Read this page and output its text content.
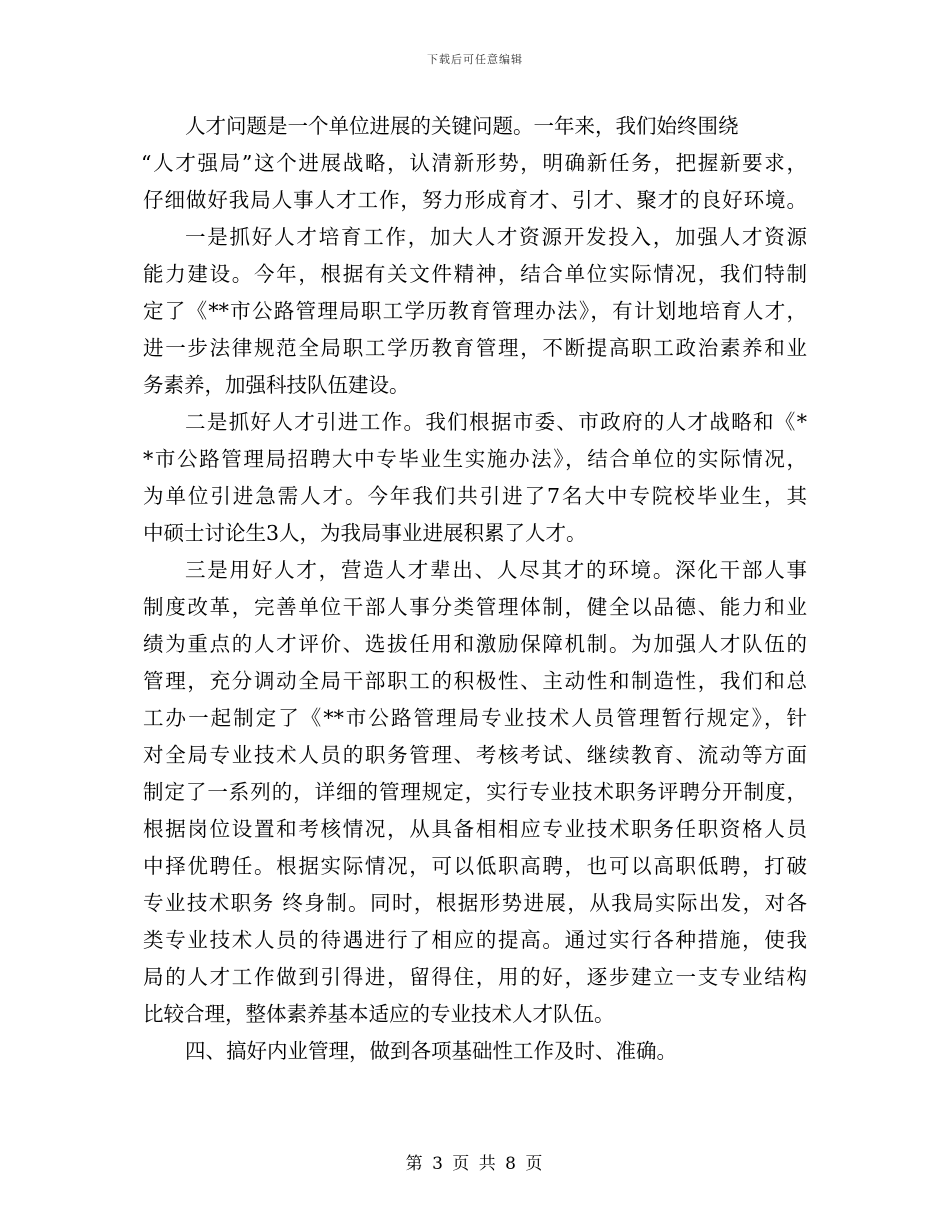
下载后可任意编辑
人才问题是一个单位进展的关键问题。一年来，我们始终围绕
“人才强局”这个进展战略，认清新形势，明确新任务，把握新要求，
仔细做好我局人事人才工作，努力形成育才、引才、聚才的良好环境。
一是抓好人才培育工作，加大人才资源开发投入，加强人才资源
能力建设。今年，根据有关文件精神，结合单位实际情况，我们特制
定了《**市公路管理局职工学历教育管理办法》，有计划地培育人才，
进一步法律规范全局职工学历教育管理，不断提高职工政治素养和业
务素养，加强科技队伍建设。
二是抓好人才引进工作。我们根据市委、市政府的人才战略和《*
*市公路管理局招聘大中专毕业生实施办法》，结合单位的实际情况，
为单位引进急需人才。今年我们共引进了7名大中专院校毕业生，其
中硕士讨论生3人，为我局事业进展积累了人才。
三是用好人才，营造人才辈出、人尽其才的环境。深化干部人事
制度改革，完善单位干部人事分类管理体制，健全以品德、能力和业
绩为重点的人才评价、选拔任用和激励保障机制。为加强人才队伍的
管理，充分调动全局干部职工的积极性、主动性和制造性，我们和总
工办一起制定了《**市公路管理局专业技术人员管理暂行规定》，针
对全局专业技术人员的职务管理、考核考试、继续教育、流动等方面
制定了一系列的，详细的管理规定，实行专业技术职务评聘分开制度，
根据岗位设置和考核情况，从具备相相应专业技术职务任职资格人员
中择优聘任。根据实际情况，可以低职高聘，也可以高职低聘，打破
专业技术职务 终身制。同时，根据形势进展，从我局实际出发，对各
类专业技术人员的待遇进行了相应的提高。通过实行各种措施，使我
局的人才工作做到引得进，留得住，用的好，逐步建立一支专业结构
比较合理，整体素养基本适应的专业技术人才队伍。
四、搞好内业管理，做到各项基础性工作及时、准确。
第 3 页 共 8 页
